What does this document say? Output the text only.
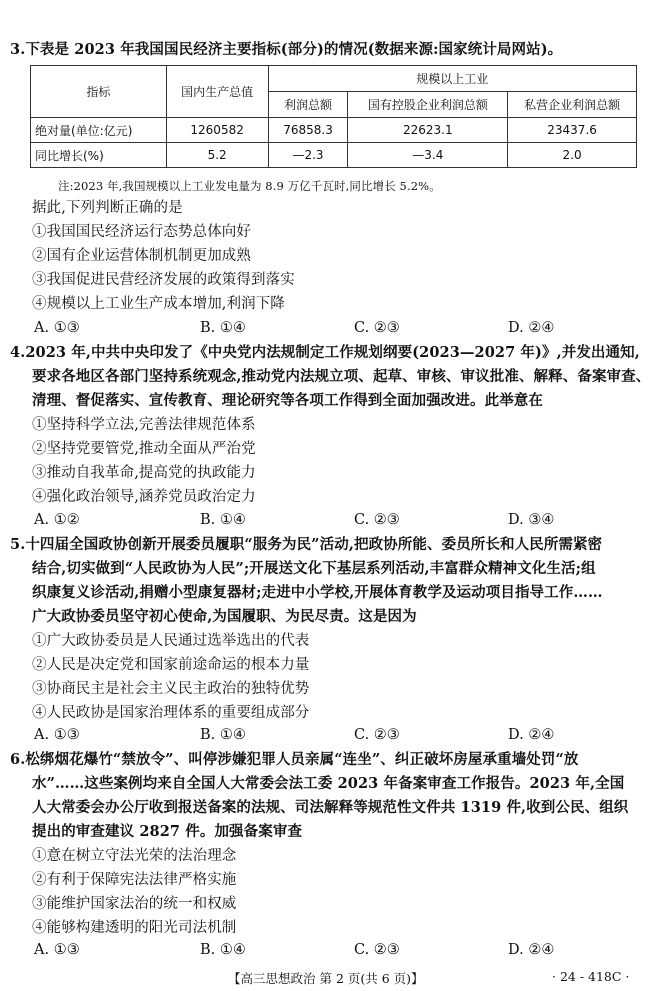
3.下表是 2023 年我国国民经济主要指标(部分)的情况(数据来源:国家统计局网站)。
指标	国内生产总值	规模以上工业		
		利润总额	国有控股企业利润总额	私营企业利润总额
绝对量(单位:亿元)	1260582	76858.3	22623.1	23437.6
同比增长(%)	5.2	—2.3	—3.4	2.0
注:2023 年,我国规模以上工业发电量为 8.9 万亿千瓦时,同比增长 5.2%。
据此,下列判断正确的是
①我国国民经济运行态势总体向好
②国有企业运营体制机制更加成熟
③我国促进民营经济发展的政策得到落实
④规模以上工业生产成本增加,利润下降
A. ①③	B. ①④	C. ②③	D. ②④
4.2023 年,中共中央印发了《中央党内法规制定工作规划纲要(2023—2027 年)》,并发出通知,
要求各地区各部门坚持系统观念,推动党内法规立项、起草、审核、审议批准、解释、备案审查、
清理、督促落实、宣传教育、理论研究等各项工作得到全面加强改进。此举意在
①坚持科学立法,完善法律规范体系
②坚持党要管党,推动全面从严治党
③推动自我革命,提高党的执政能力
④强化政治领导,涵养党员政治定力
A. ①②	B. ①④	C. ②③	D. ③④
5.十四届全国政协创新开展委员履职“服务为民”活动,把政协所能、委员所长和人民所需紧密
结合,切实做到“人民政协为人民”;开展送文化下基层系列活动,丰富群众精神文化生活;组
织康复义诊活动,捐赠小型康复器材;走进中小学校,开展体育教学及运动项目指导工作……
广大政协委员坚守初心使命,为国履职、为民尽责。这是因为
①广大政协委员是人民通过选举选出的代表
②人民是决定党和国家前途命运的根本力量
③协商民主是社会主义民主政治的独特优势
④人民政协是国家治理体系的重要组成部分
A. ①③	B. ①④	C. ②③	D. ②④
6.松绑烟花爆竹“禁放令”、叫停涉嫌犯罪人员亲属“连坐”、纠正破坏房屋承重墙处罚“放
水”……这些案例均来自全国人大常委会法工委 2023 年备案审查工作报告。2023 年,全国
人大常委会办公厅收到报送备案的法规、司法解释等规范性文件共 1319 件,收到公民、组织
提出的审查建议 2827 件。加强备案审查
①意在树立守法光荣的法治理念
②有利于保障宪法法律严格实施
③能维护国家法治的统一和权威
④能够构建透明的阳光司法机制
A. ①③	B. ①④	C. ②③	D. ②④
【高三思想政治 第 2 页(共 6 页)】	· 24 - 418C ·
